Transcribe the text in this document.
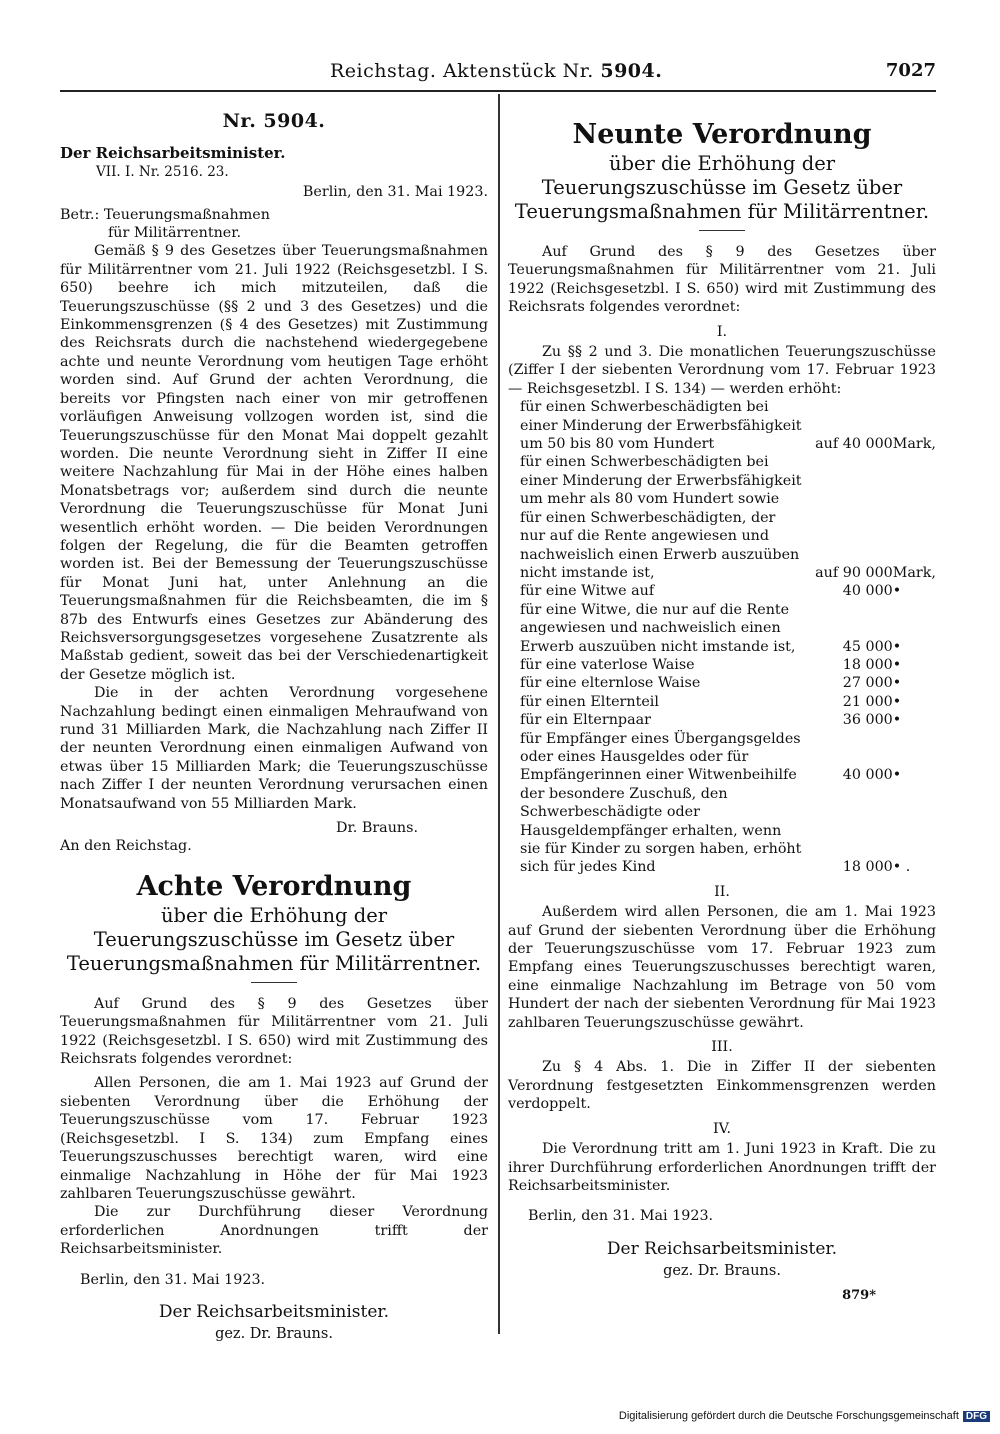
Reichstag. Aktenstück Nr. 5904.	7027

Nr. 5904.

Der Reichsarbeitsminister.

VII. I. Nr. 2516. 23.

Berlin, den 31. Mai 1923.

Betr.: Teuerungsmaßnahmen

für Militärrentner.

Gemäß § 9 des Gesetzes über Teuerungsmaßnahmen für Militärrentner vom 21. Juli 1922 (Reichsgesetzbl. I S. 650) beehre ich mich mitzuteilen, daß die Teuerungszuschüsse (§§ 2 und 3 des Gesetzes) und die Einkommensgrenzen (§ 4 des Gesetzes) mit Zustimmung des Reichsrats durch die nachstehend wiedergegebene achte und neunte Verordnung vom heutigen Tage erhöht worden sind. Auf Grund der achten Verordnung, die bereits vor Pfingsten nach einer von mir getroffenen vorläufigen Anweisung vollzogen worden ist, sind die Teuerungszuschüsse für den Monat Mai doppelt gezahlt worden. Die neunte Verordnung sieht in Ziffer II eine weitere Nachzahlung für Mai in der Höhe eines halben Monatsbetrags vor; außerdem sind durch die neunte Verordnung die Teuerungszuschüsse für Monat Juni wesentlich erhöht worden. — Die beiden Verordnungen folgen der Regelung, die für die Beamten getroffen worden ist. Bei der Bemessung der Teuerungszuschüsse für Monat Juni hat, unter Anlehnung an die Teuerungsmaßnahmen für die Reichsbeamten, die im § 87b des Entwurfs eines Gesetzes zur Abänderung des Reichsversorgungsgesetzes vorgesehene Zusatzrente als Maßstab gedient, soweit das bei der Verschiedenartigkeit der Gesetze möglich ist.

Die in der achten Verordnung vorgesehene Nachzahlung bedingt einen einmaligen Mehraufwand von rund 31 Milliarden Mark, die Nachzahlung nach Ziffer II der neunten Verordnung einen einmaligen Aufwand von etwas über 15 Milliarden Mark; die Teuerungszuschüsse nach Ziffer I der neunten Verordnung verursachen einen Monatsaufwand von 55 Milliarden Mark.

Dr. Brauns.

An den Reichstag.

Achte Verordnung

über die Erhöhung der Teuerungszuschüsse im Gesetz über Teuerungsmaßnahmen für Militärrentner.

Auf Grund des § 9 des Gesetzes über Teuerungsmaßnahmen für Militärrentner vom 21. Juli 1922 (Reichsgesetzbl. I S. 650) wird mit Zustimmung des Reichsrats folgendes verordnet:

Allen Personen, die am 1. Mai 1923 auf Grund der siebenten Verordnung über die Erhöhung der Teuerungszuschüsse vom 17. Februar 1923 (Reichsgesetzbl. I S. 134) zum Empfang eines Teuerungszuschusses berechtigt waren, wird eine einmalige Nachzahlung in Höhe der für Mai 1923 zahlbaren Teuerungszuschüsse gewährt.

Die zur Durchführung dieser Verordnung erforderlichen Anordnungen trifft der Reichsarbeitsminister.

Berlin, den 31. Mai 1923.

Der Reichsarbeitsminister.

gez. Dr. Brauns.

Neunte Verordnung

über die Erhöhung der Teuerungszuschüsse im Gesetz über Teuerungsmaßnahmen für Militärrentner.

Auf Grund des § 9 des Gesetzes über Teuerungsmaßnahmen für Militärrentner vom 21. Juli 1922 (Reichsgesetzbl. I S. 650) wird mit Zustimmung des Reichsrats folgendes verordnet:

I.

Zu §§ 2 und 3. Die monatlichen Teuerungszuschüsse (Ziffer I der siebenten Verordnung vom 17. Februar 1923 — Reichsgesetzbl. I S. 134) — werden erhöht:

für einen Schwerbeschädigten bei einer Minderung der Erwerbsfähigkeit um 50 bis 80 vom Hundert	auf 40 000	Mark,

für einen Schwerbeschädigten bei einer Minderung der Erwerbsfähigkeit um mehr als 80 vom Hundert sowie für einen Schwerbeschädigten, der nur auf die Rente angewiesen und nachweislich einen Erwerb auszuüben nicht imstande ist,	auf 90 000	Mark,

für eine Witwe auf	40 000	•

für eine Witwe, die nur auf die Rente angewiesen und nachweislich einen Erwerb auszuüben nicht imstande ist,	45 000	•

für eine vaterlose Waise	18 000	•

für eine elternlose Waise	27 000	•

für einen Elternteil	21 000	•

für ein Elternpaar	36 000	•

für Empfänger eines Übergangsgeldes oder eines Hausgeldes oder für Empfängerinnen einer Witwenbeihilfe	40 000	•

der besondere Zuschuß, den Schwerbeschädigte oder Hausgeldempfänger erhalten, wenn sie für Kinder zu sorgen haben, erhöht sich für jedes Kind	18 000	• .

II.

Außerdem wird allen Personen, die am 1. Mai 1923 auf Grund der siebenten Verordnung über die Erhöhung der Teuerungszuschüsse vom 17. Februar 1923 zum Empfang eines Teuerungszuschusses berechtigt waren, eine einmalige Nachzahlung im Betrage von 50 vom Hundert der nach der siebenten Verordnung für Mai 1923 zahlbaren Teuerungszuschüsse gewährt.

III.

Zu § 4 Abs. 1. Die in Ziffer II der siebenten Verordnung festgesetzten Einkommensgrenzen werden verdoppelt.

IV.

Die Verordnung tritt am 1. Juni 1923 in Kraft. Die zu ihrer Durchführung erforderlichen Anordnungen trifft der Reichsarbeitsminister.

Berlin, den 31. Mai 1923.

Der Reichsarbeitsminister.

gez. Dr. Brauns.

879*

Digitalisierung gefördert durch die Deutsche Forschungsgemeinschaft DFG
